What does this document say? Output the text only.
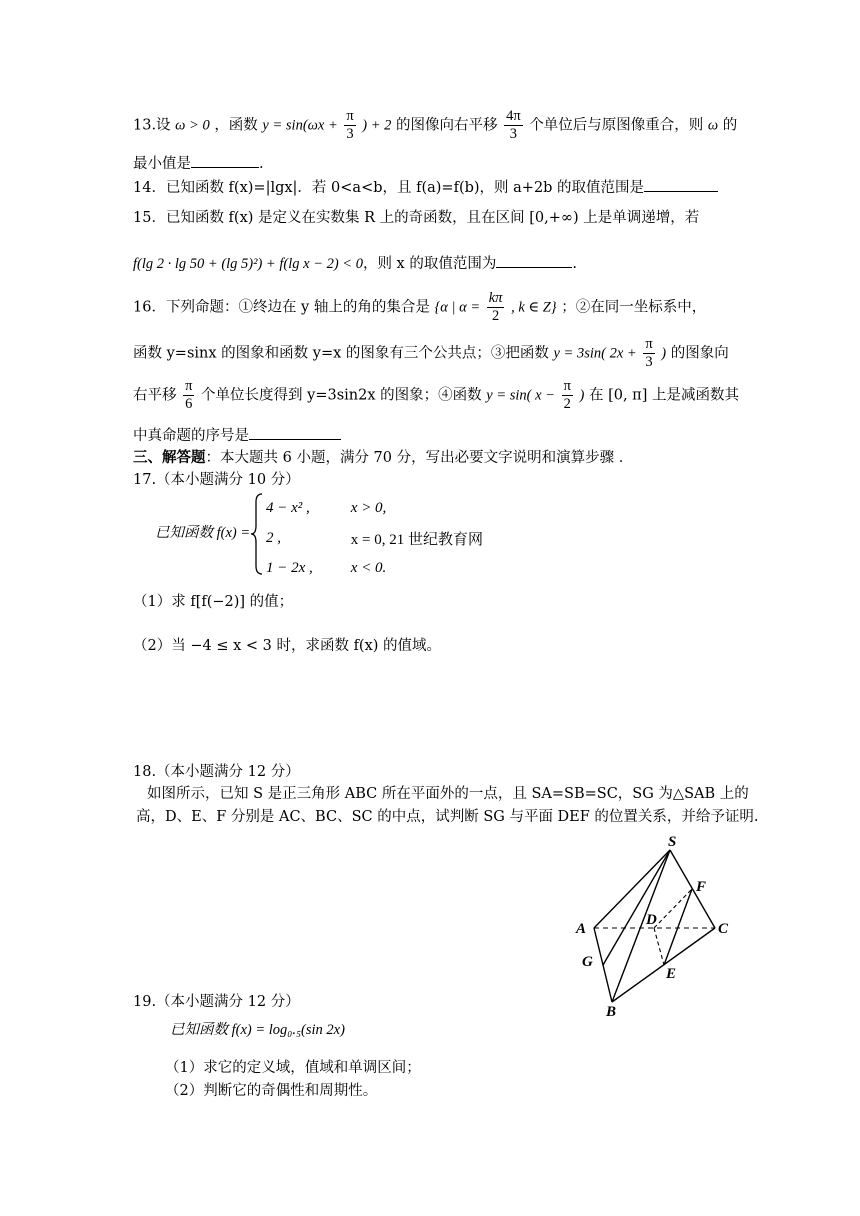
13.设 ω > 0 ，函数 $y = \sin(\omega x + \frac{\pi}{3}$ ) + 2 的图像向右平移 $\frac{4\pi}{3}$ 个单位后与原图像重合，则 ω 的
最小值是	.
14．已知函数 f(x)=|lgx|．若 0<a<b，且 f(a)=f(b)，则 a+2b 的取值范围是
15．已知函数 f(x) 是定义在实数集 R 上的奇函数，且在区间 [0,+∞) 上是单调递增，若
f(lg 2 · lg 50 + (lg 5)²) + f(lg x − 2) < 0，则 x 的取值范围为	.
16．下列命题：①终边在 y 轴上的角的集合是 {α | $\alpha = \frac{k\pi}{2}$ , k ∈ Z} ；②在同一坐标系中，
函数 y=sinx 的图象和函数 y=x 的图象有三个公共点；③把函数 y = 3sin( $2x + \frac{\pi}{3}$ ) 的图象向
右平移 $\frac{\pi}{6}$ 个单位长度得到 y=3sin2x 的图象；④函数 y = sin( $x - \frac{\pi}{2}$ ) 在 [0, π] 上是减函数其
中真命题的序号是
三、解答题：本大题共 6 小题，满分 70 分，写出必要文字说明和演算步骤 ．
17.（本小题满分 10 分）
已知函数 f(x) =
4 − x² ,	x > 0,
2 ,	x = 0, 21 世纪教育网
1 − 2x ,	x < 0.
（1）求 f[f(−2)] 的值；
（2）当 −4 ≤ x < 3 时，求函数 f(x) 的值域。
18.（本小题满分 12 分）
如图所示，已知 S 是正三角形 ABC 所在平面外的一点，且 SA=SB=SC，SG 为△SAB 上的
高，D、E、F 分别是 AC、BC、SC 的中点，试判断 SG 与平面 DEF 的位置关系，并给予证明.
S
F
A
D
C
G
E
B
19.（本小题满分 12 分）
已知函数 f(x) = log₀.₅(sin 2x)
（1）求它的定义域，值域和单调区间；
（2）判断它的奇偶性和周期性。
